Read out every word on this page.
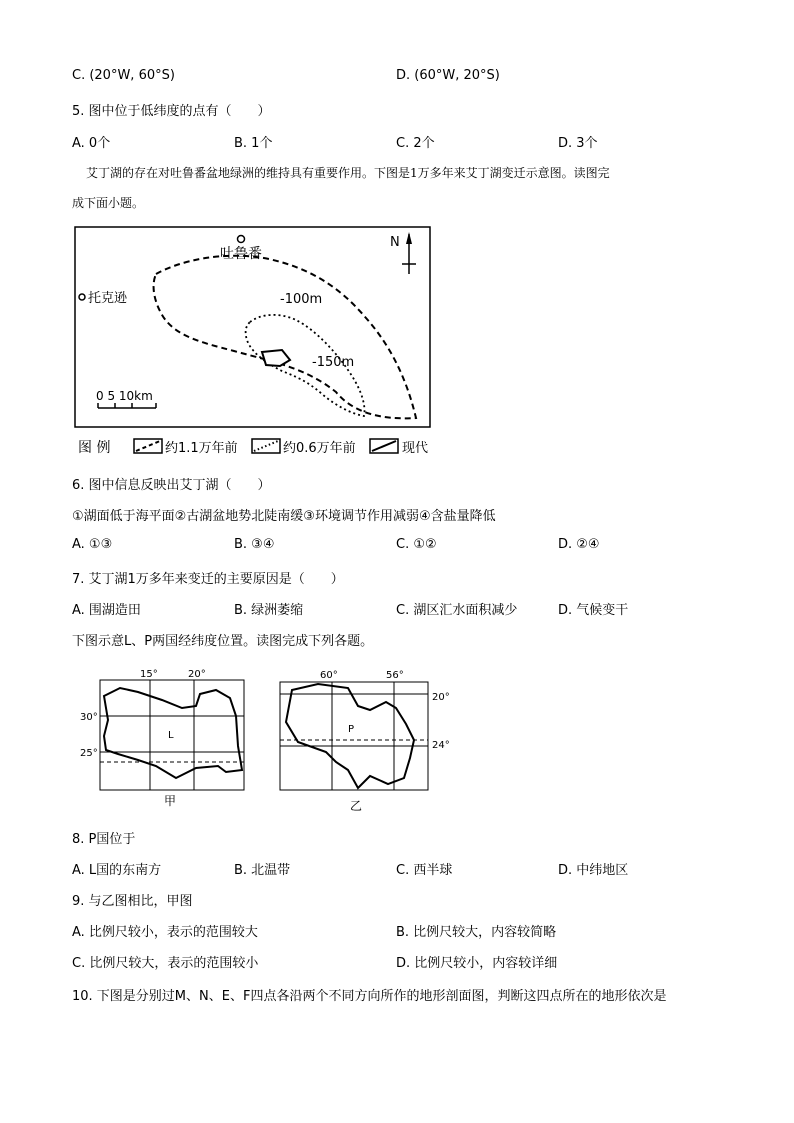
C. (20°W, 60°S)	D. (60°W, 20°S)
5. 图中位于低纬度的点有（　　）
A. 0个	B. 1个	C. 2个	D. 3个
艾丁湖的存在对吐鲁番盆地绿洲的维持具有重要作用。下图是1万多年来艾丁湖变迁示意图。读图完
成下面小题。
吐鲁番
托克逊
N
-100m
-150m
0 5 10km
图 例	约1.1万年前	约0.6万年前	现代
6. 图中信息反映出艾丁湖（　　）
①湖面低于海平面②古湖盆地势北陡南缓③环境调节作用减弱④含盐量降低
A. ①③	B. ③④	C. ①②	D. ②④
7. 艾丁湖1万多年来变迁的主要原因是（　　）
A. 围湖造田	B. 绿洲萎缩	C. 湖区汇水面积减少	D. 气候变干
下图示意L、P两国经纬度位置。读图完成下列各题。
15°	20°
30°
25°
L
甲
60°	56°
20°
24°
P
乙
8. P国位于
A. L国的东南方	B. 北温带	C. 西半球	D. 中纬地区
9. 与乙图相比，甲图
A. 比例尺较小，表示的范围较大	B. 比例尺较大，内容较简略
C. 比例尺较大，表示的范围较小	D. 比例尺较小，内容较详细
10. 下图是分别过M、N、E、F四点各沿两个不同方向所作的地形剖面图，判断这四点所在的地形依次是
